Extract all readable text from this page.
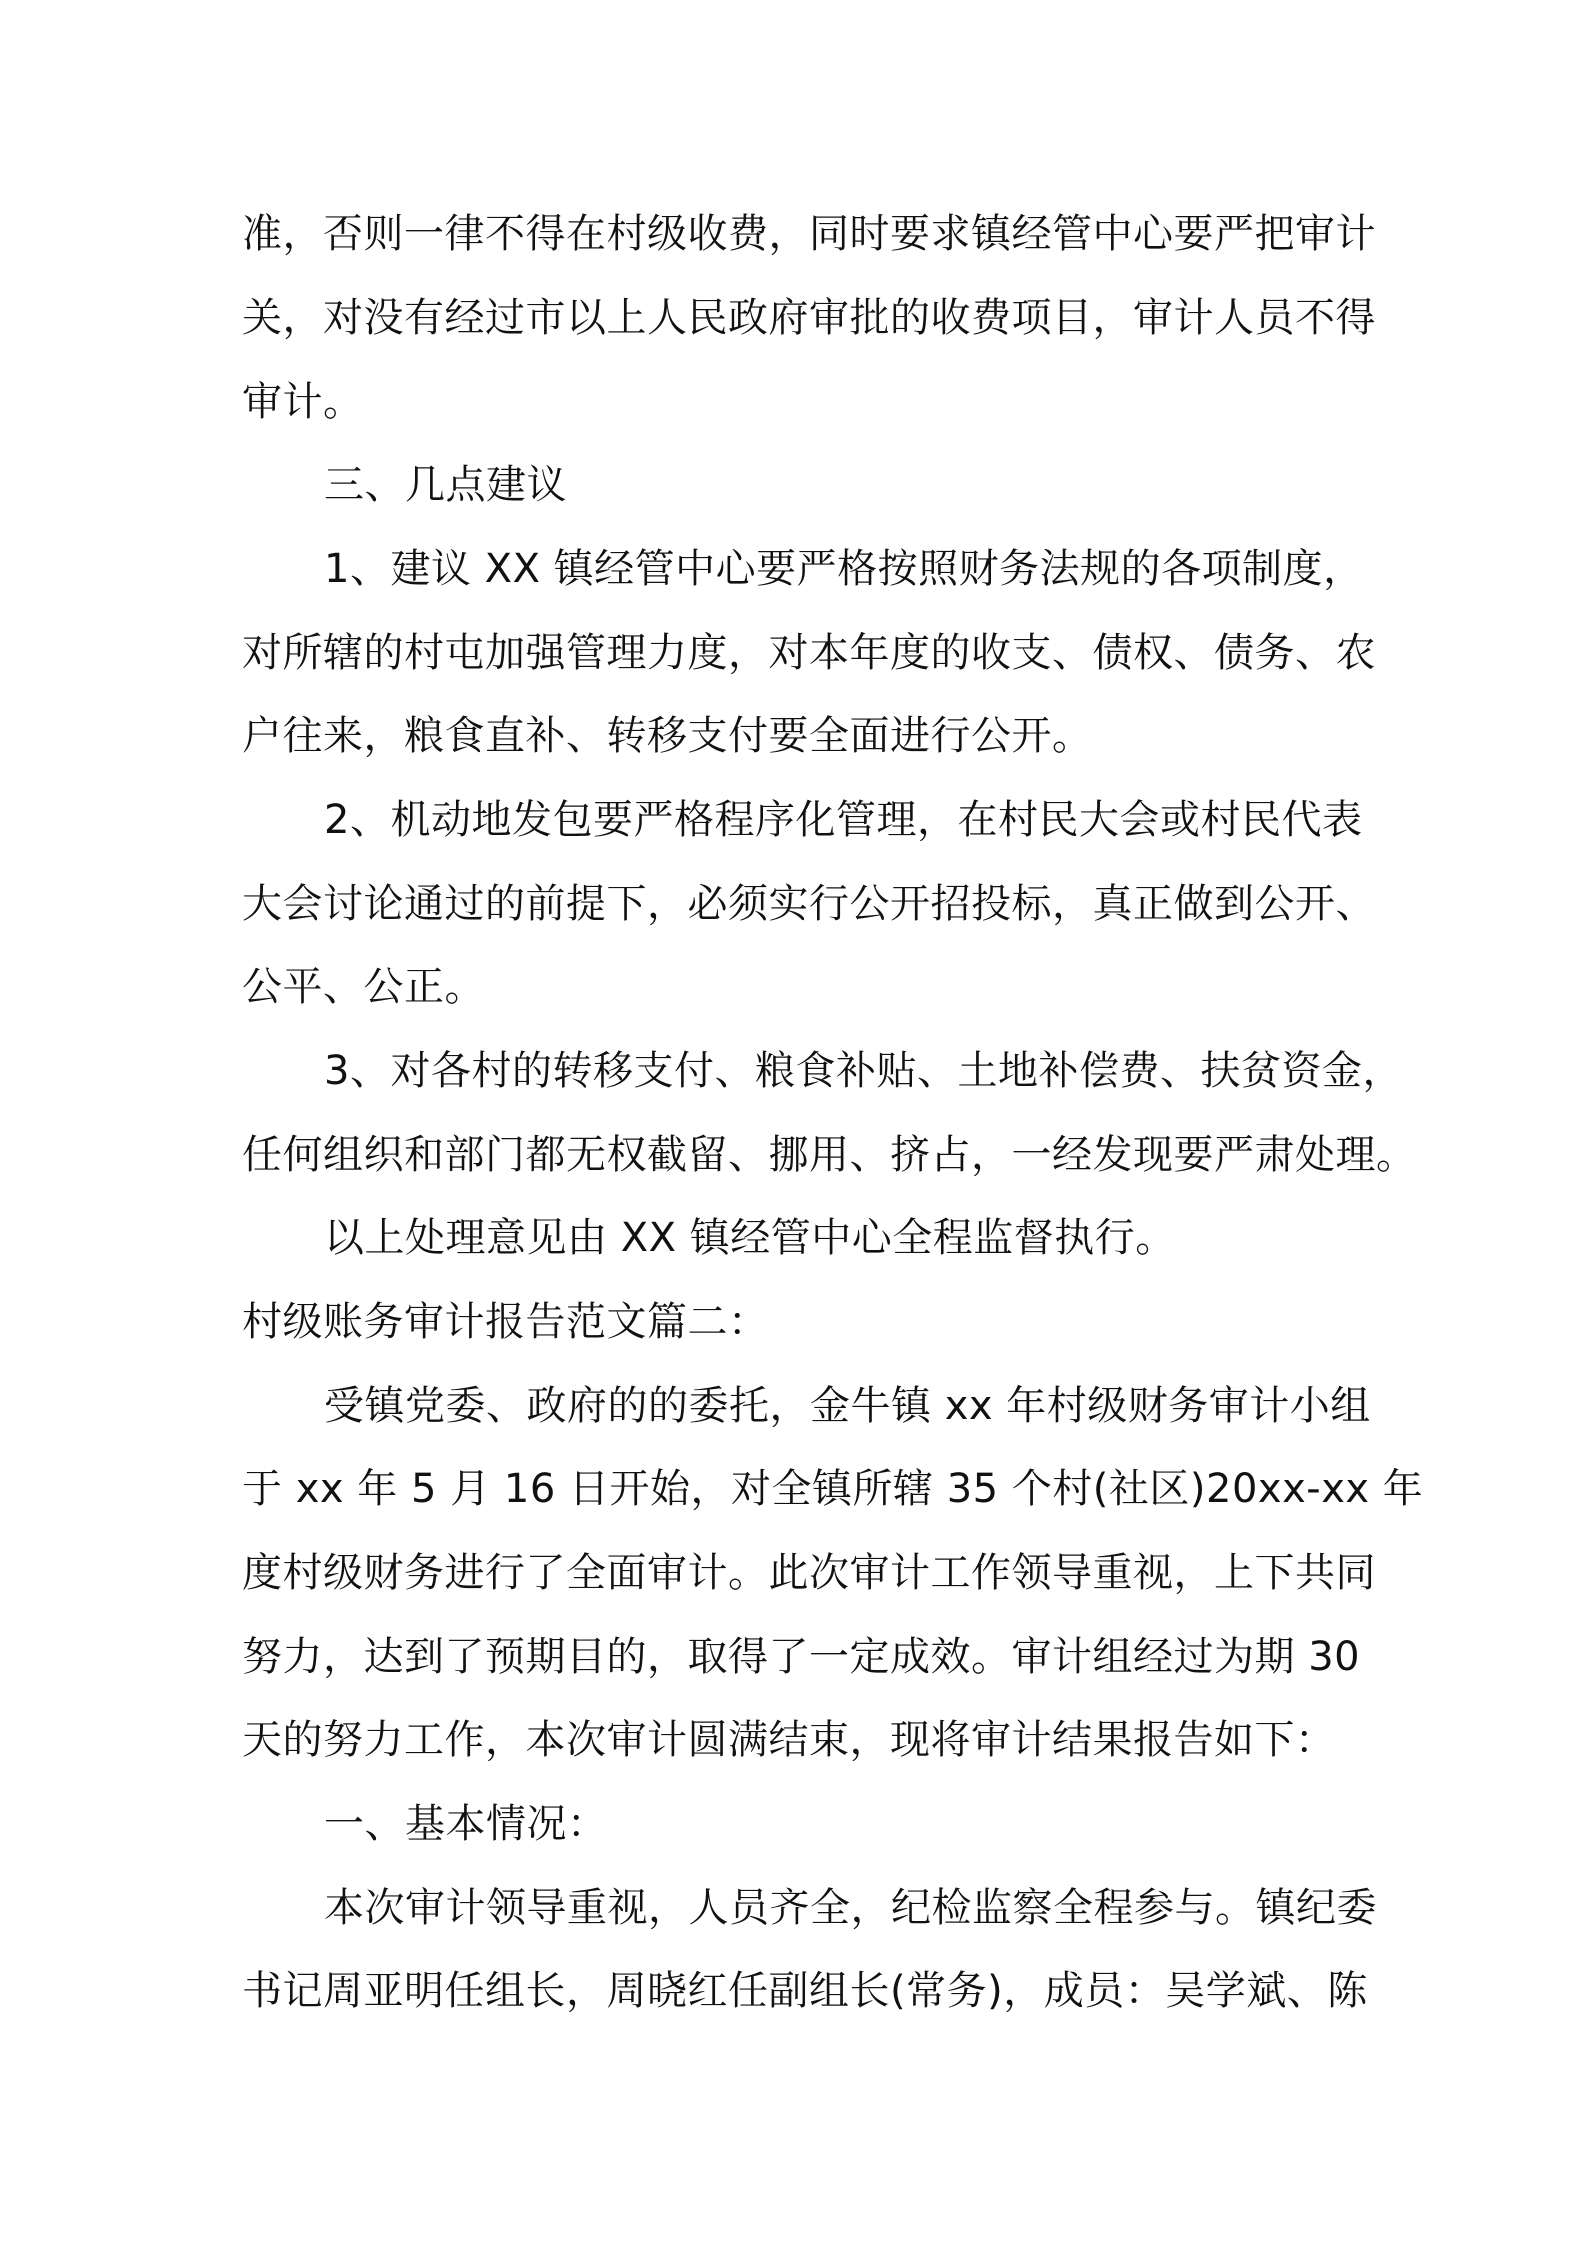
准，否则一律不得在村级收费，同时要求镇经管中心要严把审计
关，对没有经过市以上人民政府审批的收费项目，审计人员不得
审计。
三、几点建议
1、建议 XX 镇经管中心要严格按照财务法规的各项制度，
对所辖的村屯加强管理力度，对本年度的收支、债权、债务、农
户往来，粮食直补、转移支付要全面进行公开。
2、机动地发包要严格程序化管理，在村民大会或村民代表
大会讨论通过的前提下，必须实行公开招投标，真正做到公开、
公平、公正。
3、对各村的转移支付、粮食补贴、土地补偿费、扶贫资金，
任何组织和部门都无权截留、挪用、挤占，一经发现要严肃处理。
以上处理意见由 XX 镇经管中心全程监督执行。
村级账务审计报告范文篇二：
受镇党委、政府的的委托，金牛镇 xx 年村级财务审计小组
于 xx 年 5 月 16 日开始，对全镇所辖 35 个村(社区)20xx-xx 年
度村级财务进行了全面审计。此次审计工作领导重视，上下共同
努力，达到了预期目的，取得了一定成效。审计组经过为期 30
天的努力工作，本次审计圆满结束，现将审计结果报告如下：
一、基本情况：
本次审计领导重视，人员齐全，纪检监察全程参与。镇纪委
书记周亚明任组长，周晓红任副组长(常务)，成员：吴学斌、陈
